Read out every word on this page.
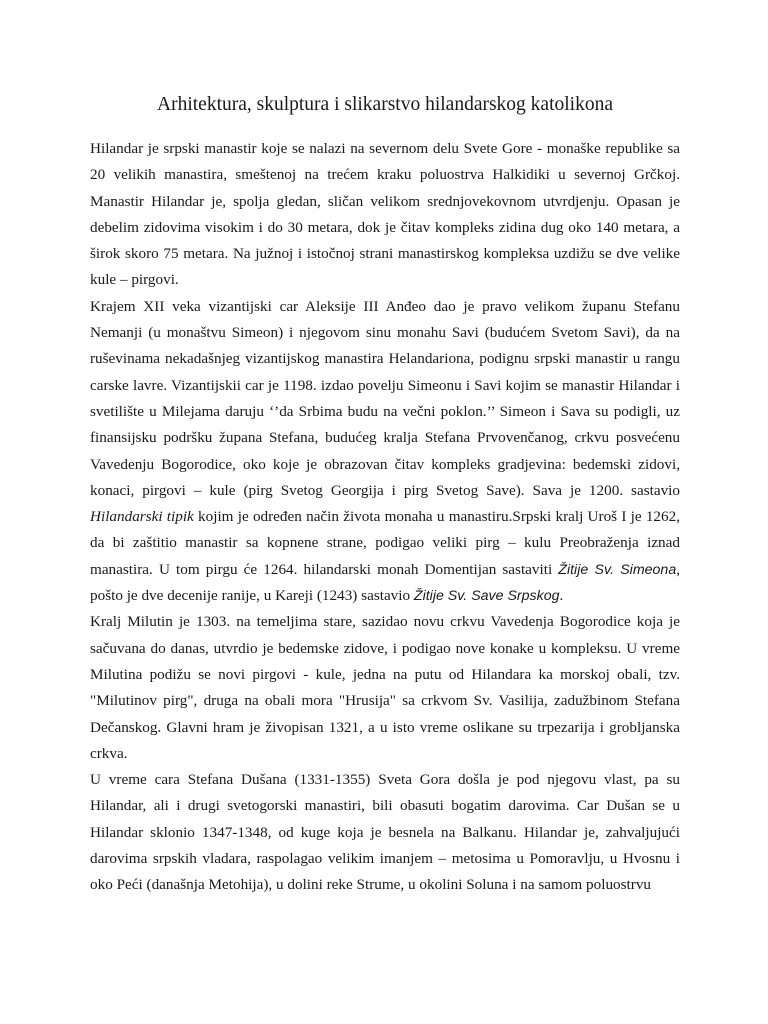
Arhitektura, skulptura i slikarstvo hilandarskog katolikona

Hilandar je srpski manastir koje se nalazi na severnom delu Svete Gore - monaške republike sa 20 velikih manastira, smeštenoj na trećem kraku poluostrva Halkidiki u severnoj Grčkoj. Manastir Hilandar je, spolja gledan, sličan velikom srednjovekovnom utvrdjenju. Opasan je debelim zidovima visokim i do 30 metara, dok je čitav kompleks zidina dug oko 140 metara, a širok skoro 75 metara. Na južnoj i istočnoj strani manastirskog kompleksa uzdižu se dve velike kule – pirgovi.

Krajem XII veka vizantijski car Aleksije III Anđeo dao je pravo velikom županu Stefanu Nemanji (u monaštvu Simeon) i njegovom sinu monahu Savi (budućem Svetom Savi), da na ruševinama nekadašnjeg vizantijskog manastira Helandariona, podignu srpski manastir u rangu carske lavre. Vizantijskii car je 1198. izdao povelju Simeonu i Savi kojim se manastir Hilandar i svetilište u Milejama daruju ‘’da Srbima budu na večni poklon.’’ Simeon i Sava su podigli, uz finansijsku podršku župana Stefana, budućeg kralja Stefana Prvovenčanog, crkvu posvećenu Vavedenju Bogorodice, oko koje je obrazovan čitav kompleks gradjevina: bedemski zidovi, konaci, pirgovi – kule (pirg Svetog Georgija i pirg Svetog Save). Sava je 1200. sastavio Hilandarski tipik kojim je određen način života monaha u manastiru.Srpski kralj Uroš I je 1262, da bi zaštitio manastir sa kopnene strane, podigao veliki pirg – kulu Preobraženja iznad manastira. U tom pirgu će 1264. hilandarski monah Domentijan sastaviti Žitije Sv. Simeona, pošto je dve decenije ranije, u Kareji (1243) sastavio Žitije Sv. Save Srpskog.

Kralj Milutin je 1303. na temeljima stare, sazidao novu crkvu Vavedenja Bogorodice koja je sačuvana do danas, utvrdio je bedemske zidove, i podigao nove konake u kompleksu. U vreme Milutina podižu se novi pirgovi - kule, jedna na putu od Hilandara ka morskoj obali, tzv. "Milutinov pirg", druga na obali mora "Hrusija" sa crkvom Sv. Vasilija, zadužbinom Stefana Dečanskog. Glavni hram je živopisan 1321, a u isto vreme oslikane su trpezarija i grobljanska crkva.

U vreme cara Stefana Dušana (1331-1355) Sveta Gora došla je pod njegovu vlast, pa su Hilandar, ali i drugi svetogorski manastiri, bili obasuti bogatim darovima. Car Dušan se u Hilandar sklonio 1347-1348, od kuge koja je besnela na Balkanu. Hilandar je, zahvaljujući darovima srpskih vladara, raspolagao velikim imanjem – metosima u Pomoravlju, u Hvosnu i oko Peći (današnja Metohija), u dolini reke Strume, u okolini Soluna i na samom poluostrvu
